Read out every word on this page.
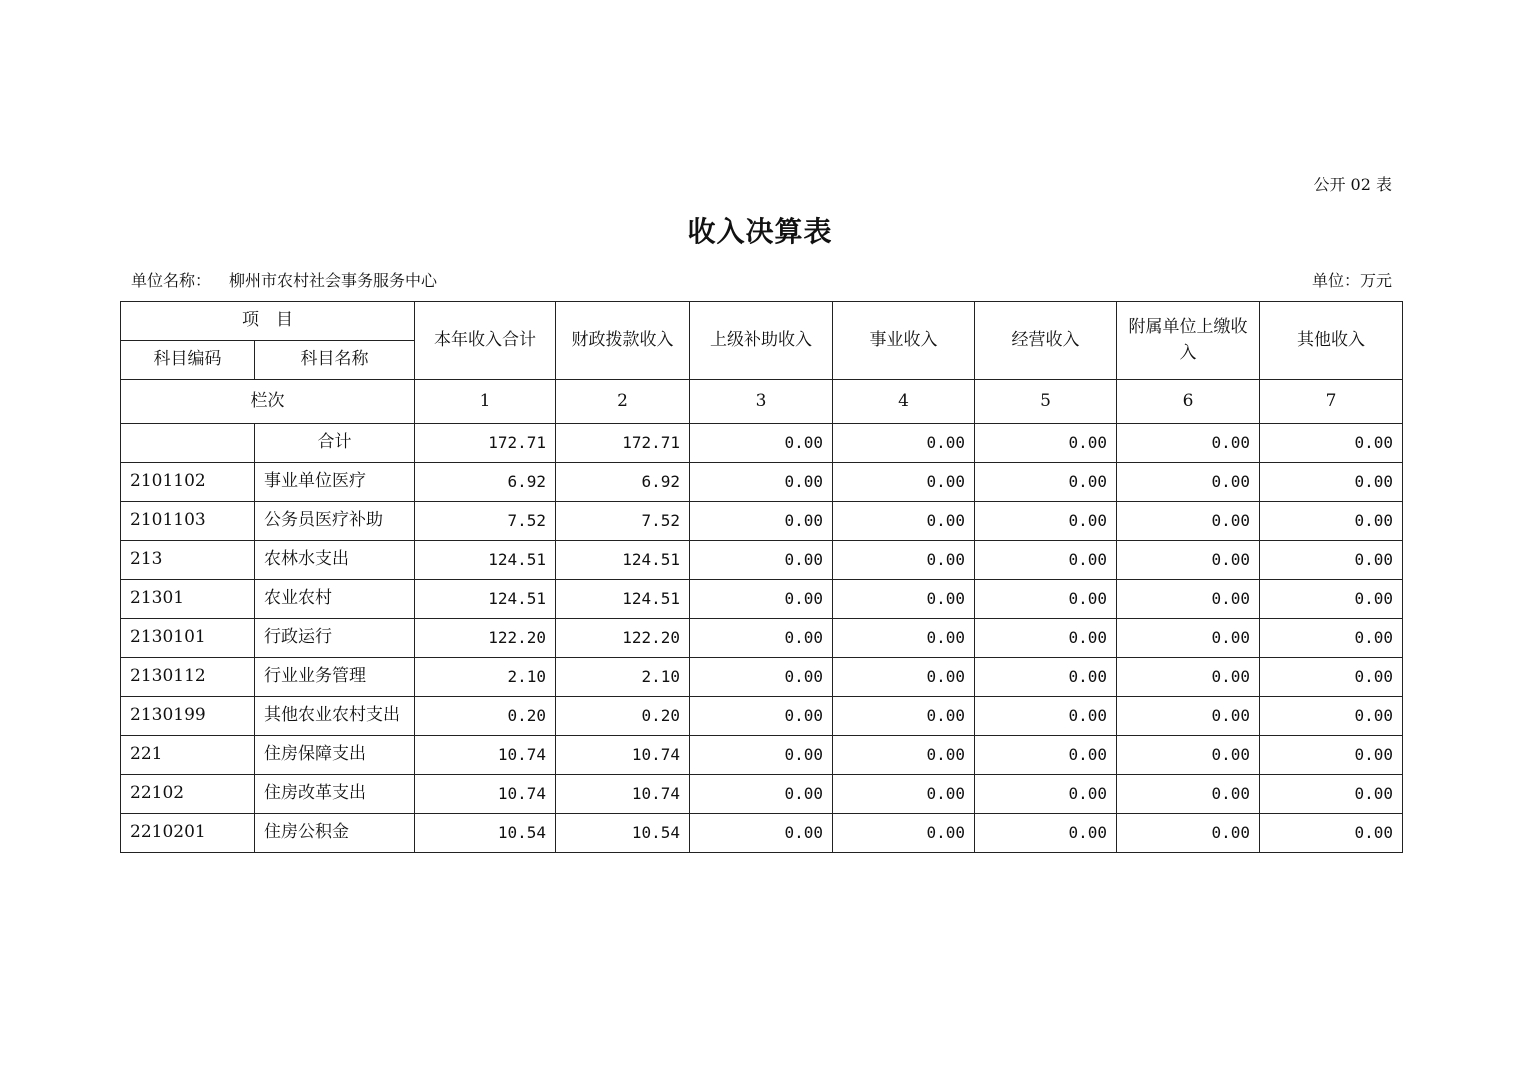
公开 02 表
收入决算表
单位名称： 柳州市农村社会事务服务中心	单位：万元
项　目		本年收入合计	财政拨款收入	上级补助收入	事业收入	经营收入	附属单位上缴收入	其他收入
科目编码	科目名称							
栏次		1	2	3	4	5	6	7
	合计	172.71	172.71	0.00	0.00	0.00	0.00	0.00
2101102	事业单位医疗	6.92	6.92	0.00	0.00	0.00	0.00	0.00
2101103	公务员医疗补助	7.52	7.52	0.00	0.00	0.00	0.00	0.00
213	农林水支出	124.51	124.51	0.00	0.00	0.00	0.00	0.00
21301	农业农村	124.51	124.51	0.00	0.00	0.00	0.00	0.00
2130101	行政运行	122.20	122.20	0.00	0.00	0.00	0.00	0.00
2130112	行业业务管理	2.10	2.10	0.00	0.00	0.00	0.00	0.00
2130199	其他农业农村支出	0.20	0.20	0.00	0.00	0.00	0.00	0.00
221	住房保障支出	10.74	10.74	0.00	0.00	0.00	0.00	0.00
22102	住房改革支出	10.74	10.74	0.00	0.00	0.00	0.00	0.00
2210201	住房公积金	10.54	10.54	0.00	0.00	0.00	0.00	0.00
